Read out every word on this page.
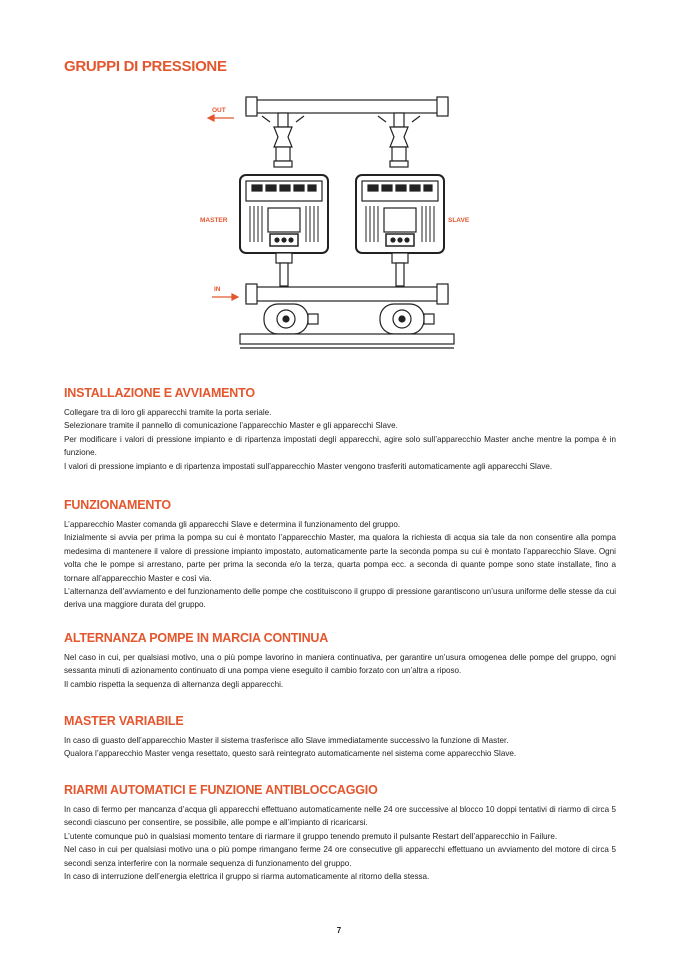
GRUPPI DI PRESSIONE
OUT
IN
MASTER	SLAVE
INSTALLAZIONE E AVVIAMENTO

Collegare tra di loro gli apparecchi tramite la porta seriale.

Selezionare tramite il pannello di comunicazione l’apparecchio Master e gli apparecchi Slave.

Per modificare i valori di pressione impianto e di ripartenza impostati degli apparecchi, agire solo sull’apparecchio Master anche mentre la pompa è in funzione.

I valori di pressione impianto e di ripartenza impostati sull’apparecchio Master vengono trasferiti automaticamente agli apparecchi Slave.

FUNZIONAMENTO

L’apparecchio Master comanda gli apparecchi Slave e determina il funzionamento del gruppo.

Inizialmente si avvia per prima la pompa su cui è montato l’apparecchio Master, ma qualora la richiesta di acqua sia tale da non consentire alla pompa medesima di mantenere il valore di pressione impianto impostato, automaticamente parte la seconda pompa su cui è montato l’apparecchio Slave. Ogni volta che le pompe si arrestano, parte per prima la seconda e/o la terza, quarta pompa ecc. a seconda di quante pompe sono state installate, fino a tornare all’apparecchio Master e così via.

L’alternanza dell’avviamento e del funzionamento delle pompe che costituiscono il gruppo di pressione garantiscono un’usura uniforme delle stesse da cui deriva una maggiore durata del gruppo.

ALTERNANZA POMPE IN MARCIA CONTINUA

Nel caso in cui, per qualsiasi motivo, una o più pompe lavorino in maniera continuativa, per garantire un’usura omogenea delle pompe del gruppo, ogni sessanta minuti di azionamento continuato di una pompa viene eseguito il cambio forzato con un’altra a riposo.

Il cambio rispetta la sequenza di alternanza degli apparecchi.

MASTER VARIABILE

In caso di guasto dell’apparecchio Master il sistema trasferisce allo Slave immediatamente successivo la funzione di Master.

Qualora l’apparecchio Master venga resettato, questo sarà reintegrato automaticamente nel sistema come apparecchio Slave.

RIARMI AUTOMATICI E FUNZIONE ANTIBLOCCAGGIO

In caso di fermo per mancanza d’acqua gli apparecchi effettuano automaticamente nelle 24 ore successive al blocco 10 doppi tentativi di riarmo di circa 5 secondi ciascuno per consentire, se possibile, alle pompe e all’impianto di ricaricarsi.

L’utente comunque può in qualsiasi momento tentare di riarmare il gruppo tenendo premuto il pulsante Restart dell’apparecchio in Failure.

Nel caso in cui per qualsiasi motivo una o più pompe rimangano ferme 24 ore consecutive gli apparecchi effettuano un avviamento del motore di circa 5 secondi senza interferire con la normale sequenza di funzionamento del gruppo.

In caso di interruzione dell’energia elettrica il gruppo si riarma automaticamente al ritorno della stessa.

7
